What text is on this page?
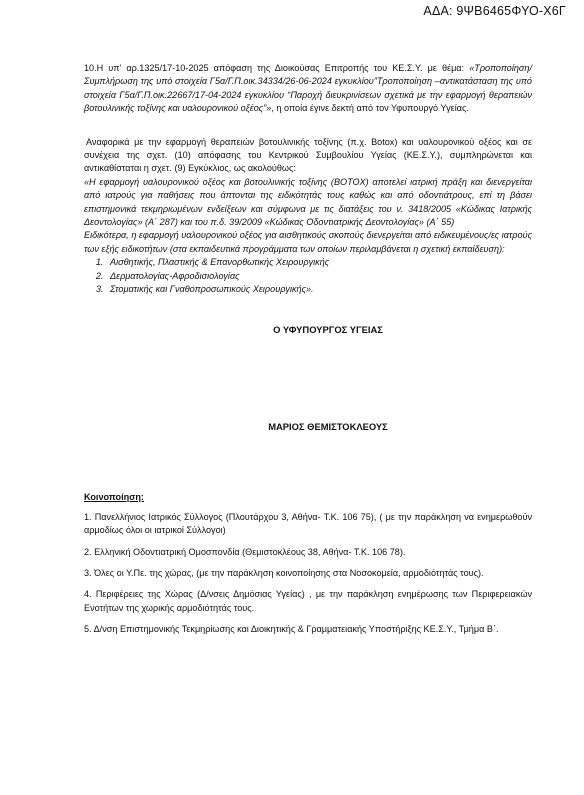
ΑΔΑ: 9ΨΒ6465ΦΥΟ-Χ6Γ

10.Η υπ’ αρ.1325/17-10-2025 απόφαση της Διοικούσας Επιτροπής του ΚΕ.Σ.Υ. με θέμα: «Τροποποίηση/Συμπλήρωση της υπό στοιχεία Γ5α/Γ.Π.οικ.34334/26-06-2024 εγκυκλίου”Τροποποίηση –αντικατάσταση της υπό στοιχεία Γ5α/Γ.Π.οικ.22667/17-04-2024 εγκυκλίου “Παροχή διευκρινίσεων σχετικά με την εφαρμογή θεραπειών βοτουλινικής τοξίνης και υαλουρονικού οξέος”», η οποία έγινε δεκτή από τον Υφυπουργό Υγείας.

Αναφορικά με την εφαρμογή θεραπειών βοτουλινικής τοξίνης (π.χ. Botox) και υαλουρονικού οξέος και σε συνέχεια της σχετ. (10) απόφασης του Κεντρικού Συμβουλίου Υγείας (ΚΕ.Σ.Υ.), συμπληρώνεται και αντικαθίσταται η σχετ. (9) Εγκύκλιος, ως ακολούθως:

«Η εφαρμογή υαλουρονικού οξέος και βοτουλινικής τοξίνης (BOTOX) αποτελεί ιατρική πράξη και διενεργείται από ιατρούς για παθήσεις που άπτονται της ειδικότητάς τους καθώς και από οδοντιάτρους, επί τη βάσει επιστημονικά τεκμηριωμένων ενδείξεων και σύμφωνα με τις διατάξεις του ν. 3418/2005 «Κώδικας Ιατρικής Δεοντολογίας» (Α΄ 287) και του π.δ. 39/2009 «Κώδικας Οδοντιατρικής Δεοντολογίας» (Α΄ 55)

Ειδικότερα, η εφαρμογή υαλουρονικού οξέος για αισθητικούς σκοπούς διενεργείται από ειδικευμένους/ες ιατρούς των εξής ειδικοτήτων (στα εκπαιδευτικά προγράμματα των οποίων περιλαμβάνεται η σχετική εκπαίδευση):

1. Αισθητικής, Πλαστικής & Επανορθωτικής Χειρουργικής
2. Δερματολογίας-Αφροδισιολογίας
3. Στοματικής και Γναθοπροσωπικούς Χειρουργικής».
Ο ΥΦΥΠΟΥΡΓΟΣ ΥΓΕΙΑΣ
ΜΑΡΙΟΣ ΘΕΜΙΣΤΟΚΛΕΟΥΣ
Κοινοποίηση:

1. Πανελλήνιος Ιατρικός Σύλλογος (Πλουτάρχου 3, Αθήνα- Τ.Κ. 106 75), ( με την παράκληση να ενημερωθούν αρμοδίως όλοι οι ιατρικοί Σύλλογοι)

2. Ελληνική Οδοντιατρική Ομοσπονδία (Θεμιστοκλέους 38, Αθήνα- Τ.Κ. 106 78).

3. Όλες οι Υ.Πε. της χώρας, (με την παράκληση κοινοποίησης στα Νοσοκομεία, αρμοδιότητάς τους).

4. Περιφέρειες της Χώρας (Δ/νσεις Δημόσιας Υγείας) , με την παράκληση ενημέρωσης των Περιφερειακών Ενοτήτων της χωρικής αρμοδιότητάς τους.

5. Δ/νση Επιστημονικής Τεκμηρίωσης και Διοικητικής & Γραμματειακής Υποστήριξης ΚΕ.Σ.Υ., Τμήμα Β΄.
